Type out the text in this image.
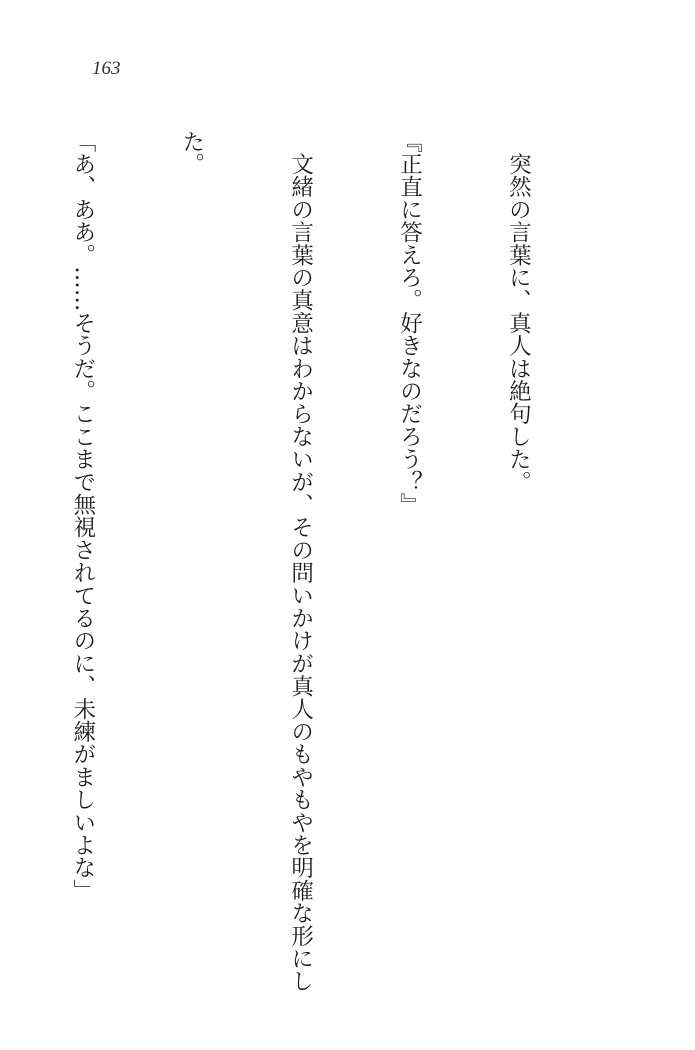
163

　突然の言葉に、真人は絶句した。

『正直に答えろ。好きなのだろう？』

　文緒の言葉の真意はわからないが、その問いかけが真人のもやもやを明確な形にし

た。

「あ、ああ。……そうだ。ここまで無視されてるのに、未練がましいよな」
